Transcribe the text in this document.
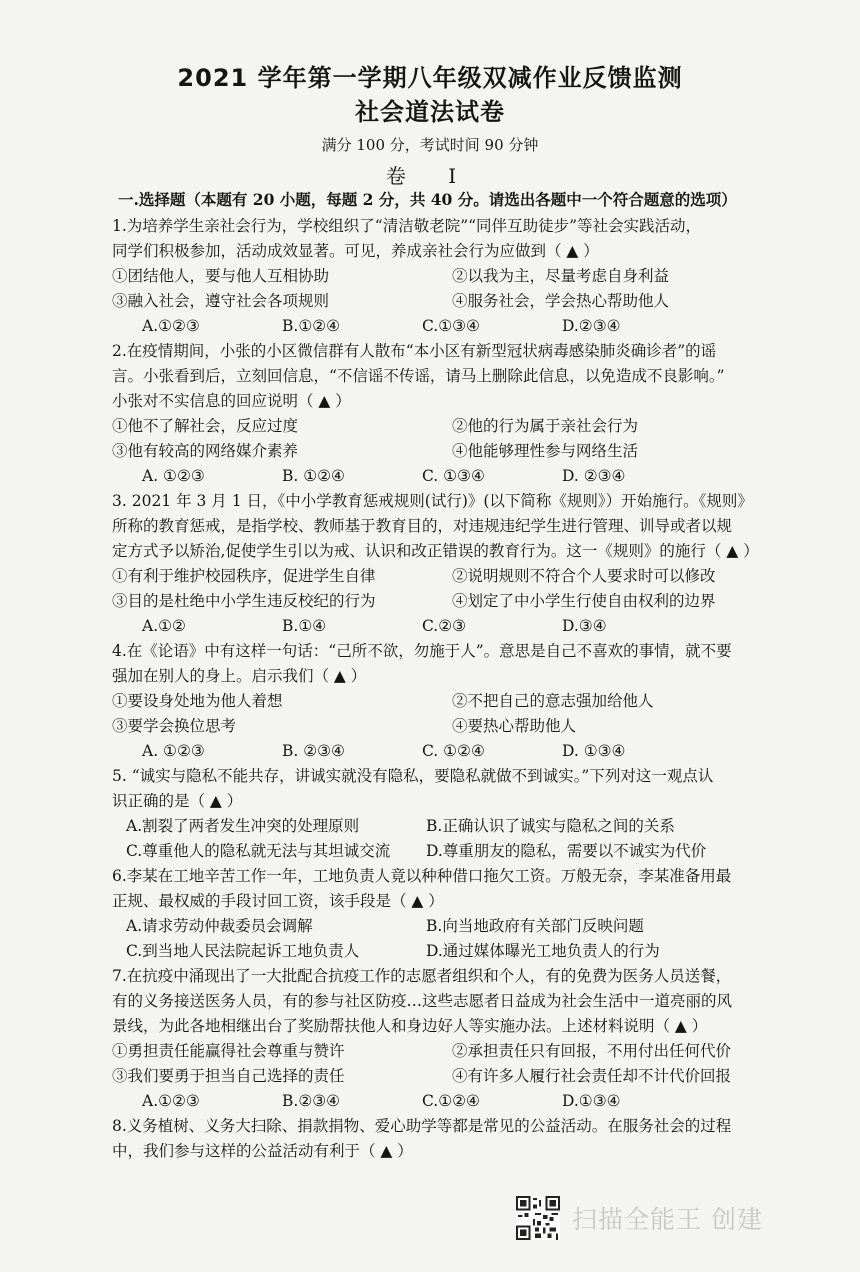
2021 学年第一学期八年级双减作业反馈监测
社会道法试卷
满分 100 分，考试时间 90 分钟
卷 I
一.选择题（本题有 20 小题，每题 2 分，共 40 分。请选出各题中一个符合题意的选项）
1.为培养学生亲社会行为，学校组织了“清洁敬老院”“同伴互助徒步”等社会实践活动，
同学们积极参加，活动成效显著。可见，养成亲社会行为应做到（ ▲ ）
①团结他人，要与他人互相协助	②以我为主，尽量考虑自身利益
③融入社会，遵守社会各项规则	④服务社会，学会热心帮助他人
A.①②③	B.①②④	C.①③④	D.②③④
2.在疫情期间，小张的小区微信群有人散布“本小区有新型冠状病毒感染肺炎确诊者”的谣
言。小张看到后，立刻回信息，“不信谣不传谣，请马上删除此信息，以免造成不良影响。”
小张对不实信息的回应说明（ ▲ ）
①他不了解社会，反应过度	②他的行为属于亲社会行为
③他有较高的网络媒介素养	④他能够理性参与网络生活
A. ①②③	B. ①②④	C. ①③④	D. ②③④
3. 2021 年 3 月 1 日，《中小学教育惩戒规则(试行)》(以下简称《规则》）开始施行。《规则》
所称的教育惩戒，是指学校、教师基于教育目的，对违规违纪学生进行管理、训导或者以规
定方式予以矫治,促使学生引以为戒、认识和改正错误的教育行为。这一《规则》的施行（ ▲ ）
①有利于维护校园秩序，促进学生自律	②说明规则不符合个人要求时可以修改
③目的是杜绝中小学生违反校纪的行为	④划定了中小学生行使自由权利的边界
A.①②	B.①④	C.②③	D.③④
4.在《论语》中有这样一句话：“己所不欲，勿施于人”。意思是自己不喜欢的事情，就不要
强加在别人的身上。启示我们（ ▲ ）
①要设身处地为他人着想	②不把自己的意志强加给他人
③要学会换位思考	④要热心帮助他人
A. ①②③	B. ②③④	C. ①②④	D. ①③④
5. “诚实与隐私不能共存，讲诚实就没有隐私，要隐私就做不到诚实。”下列对这一观点认
识正确的是（ ▲ ）
A.割裂了两者发生冲突的处理原则	B.正确认识了诚实与隐私之间的关系
C.尊重他人的隐私就无法与其坦诚交流	D.尊重朋友的隐私，需要以不诚实为代价
6.李某在工地辛苦工作一年，工地负责人竟以种种借口拖欠工资。万般无奈，李某准备用最
正规、最权威的手段讨回工资，该手段是（ ▲ ）
A.请求劳动仲裁委员会调解	B.向当地政府有关部门反映问题
C.到当地人民法院起诉工地负责人	D.通过媒体曝光工地负责人的行为
7.在抗疫中涌现出了一大批配合抗疫工作的志愿者组织和个人，有的免费为医务人员送餐，
有的义务接送医务人员，有的参与社区防疫…这些志愿者日益成为社会生活中一道亮丽的风
景线，为此各地相继出台了奖励帮扶他人和身边好人等实施办法。上述材料说明（ ▲ ）
①勇担责任能赢得社会尊重与赞许	②承担责任只有回报，不用付出任何代价
③我们要勇于担当自己选择的责任	④有许多人履行社会责任却不计代价回报
A.①②③	B.②③④	C.①②④	D.①③④
8.义务植树、义务大扫除、捐款捐物、爱心助学等都是常见的公益活动。在服务社会的过程
中，我们参与这样的公益活动有利于（ ▲ ）
扫描全能王 创建
